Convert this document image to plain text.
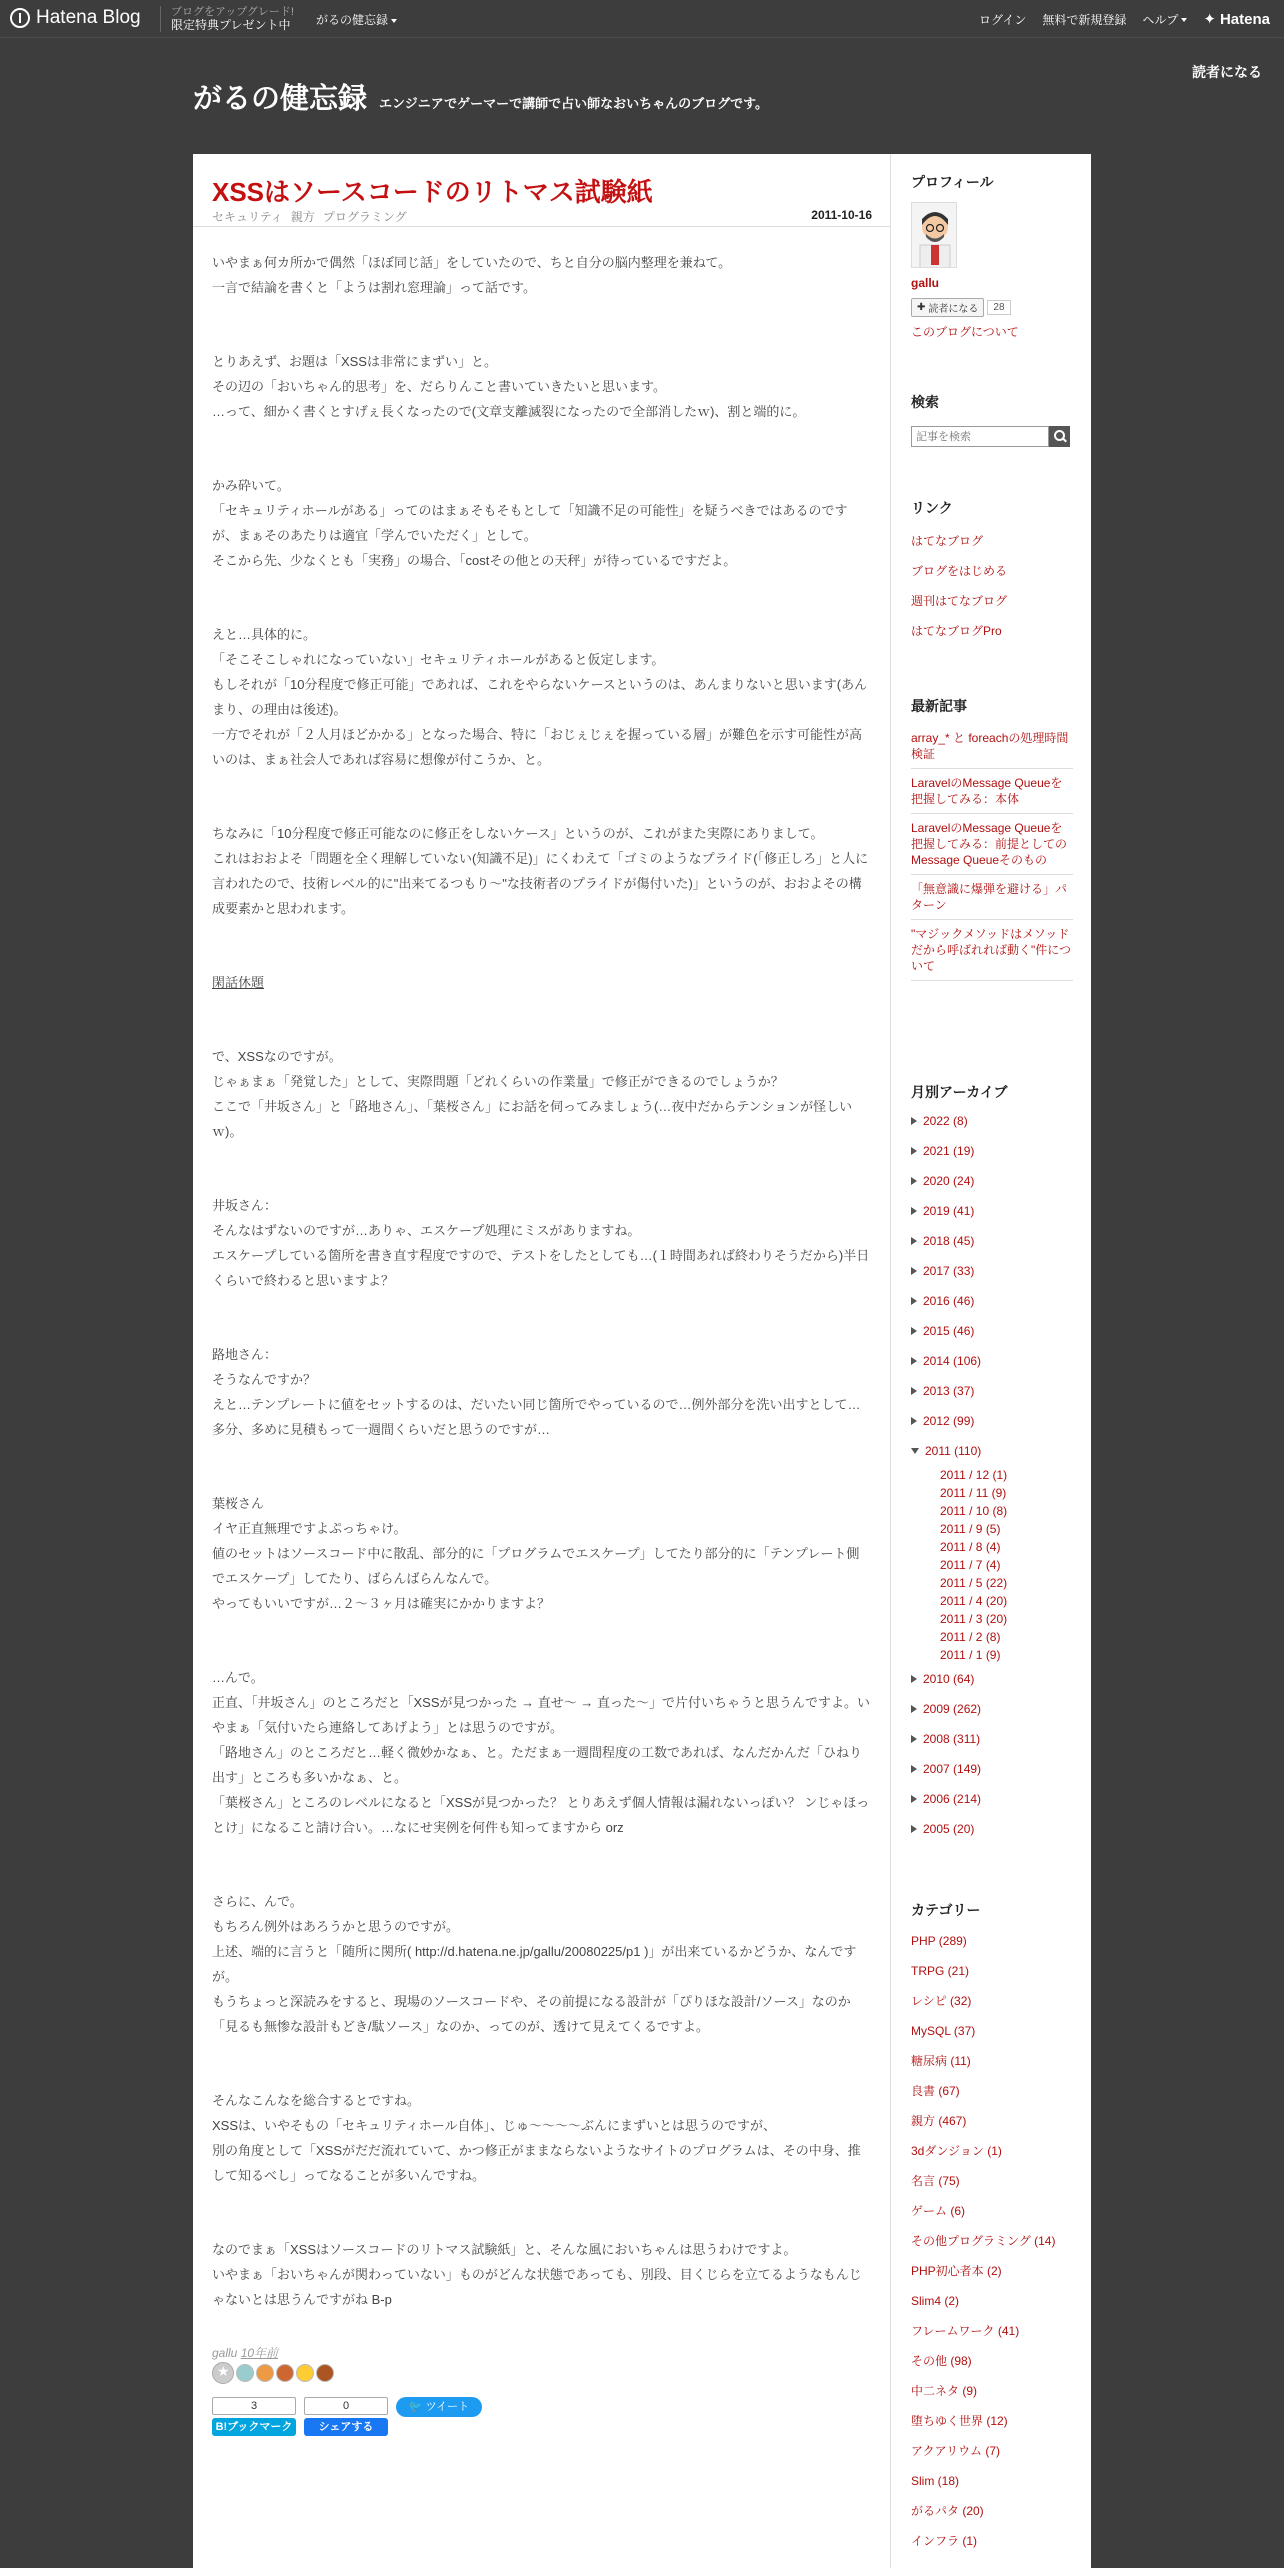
Hatena Blog	ブログをアップグレード!
限定特典プレゼント中 がるの健忘録	ログイン 無料で新規登録 ヘルプ	✦ Hatena
読者になる
がるの健忘録 エンジニアでゲーマーで講師で占い師なおいちゃんのブログです。
XSSはソースコードのリトマス試験紙
セキュリティ 親方 プログラミング	2011-10-16

いやまぁ何カ所かで偶然「ほぼ同じ話」をしていたので、ちと自分の脳内整理を兼ねて。
一言で結論を書くと「ようは割れ窓理論」って話です。

とりあえず、お題は「XSSは非常にまずい」と。
その辺の「おいちゃん的思考」を、だらりんこと書いていきたいと思います。
…って、細かく書くとすげぇ長くなったので(文章支離滅裂になったので全部消したｗ)、割と端的に。

かみ砕いて。
「セキュリティホールがある」ってのはまぁそもそもとして「知識不足の可能性」を疑うべきではあるのですが、まぁそのあたりは適宜「学んでいただく」として。
そこから先、少なくとも「実務」の場合、「costその他との天秤」が待っているですだよ。

えと…具体的に。
「そこそこしゃれになっていない」セキュリティホールがあると仮定します。
もしそれが「10分程度で修正可能」であれば、これをやらないケースというのは、あんまりないと思います(あんまり、の理由は後述)。
一方でそれが「２人月ほどかかる」となった場合、特に「おじぇじぇを握っている層」が難色を示す可能性が高いのは、まぁ社会人であれば容易に想像が付こうか、と。

ちなみに「10分程度で修正可能なのに修正をしないケース」というのが、これがまた実際にありまして。
これはおおよそ「問題を全く理解していない(知識不足)」にくわえて「ゴミのようなプライド(「修正しろ」と人に言われたので、技術レベル的に"出来てるつもり〜"な技術者のプライドが傷付いた)」というのが、おおよその構成要素かと思われます。

閑話休題

で、XSSなのですが。
じゃぁまぁ「発覚した」として、実際問題「どれくらいの作業量」で修正ができるのでしょうか？
ここで「井坂さん」と「路地さん」、「葉桜さん」にお話を伺ってみましょう(…夜中だからテンションが怪しいｗ)。

井坂さん：
そんなはずないのですが…ありゃ、エスケープ処理にミスがありますね。
エスケープしている箇所を書き直す程度ですので、テストをしたとしても…(１時間あれば終わりそうだから)半日くらいで終わると思いますよ？

路地さん：
そうなんですか？
えと…テンプレートに値をセットするのは、だいたい同じ箇所でやっているので…例外部分を洗い出すとして…多分、多めに見積もって一週間くらいだと思うのですが…

葉桜さん
イヤ正直無理ですよぷっちゃけ。
値のセットはソースコード中に散乱、部分的に「プログラムでエスケープ」してたり部分的に「テンプレート側でエスケープ」してたり、ばらんばらんなんで。
やってもいいですが…２〜３ヶ月は確実にかかりますよ？

…んで。
正直、「井坂さん」のところだと「XSSが見つかった → 直せ〜 → 直った〜」で片付いちゃうと思うんですよ。いやまぁ「気付いたら連絡してあげよう」とは思うのですが。
「路地さん」のところだと…軽く微妙かなぁ、と。ただまぁ一週間程度の工数であれば、なんだかんだ「ひねり出す」ところも多いかなぁ、と。
「葉桜さん」ところのレベルになると「XSSが見つかった？ とりあえず個人情報は漏れないっぽい？ ンじゃほっとけ」になること請け合い。…なにせ実例を何件も知ってますから orz

さらに、んで。
もちろん例外はあろうかと思うのですが。
上述、端的に言うと「随所に関所( http://d.hatena.ne.jp/gallu/20080225/p1 )」が出来ているかどうか、なんですが。
もうちょっと深読みをすると、現場のソースコードや、その前提になる設計が「ぴりほな設計/ソース」なのか「見るも無惨な設計もどき/駄ソース」なのか、ってのが、透けて見えてくるですよ。

そんなこんなを総合するとですね。
XSSは、いやそもの「セキュリティホール自体」、じゅ〜〜〜〜ぶんにまずいとは思うのですが、
別の角度として「XSSがだだ流れていて、かつ修正がままならないようなサイトのプログラムは、その中身、推して知るべし」ってなることが多いんですね。

なのでまぁ「XSSはソースコードのリトマス試験紙」と、そんな風においちゃんは思うわけですよ。
いやまぁ「おいちゃんが関わっていない」ものがどんな状態であっても、別段、目くじらを立てるようなもんじゃないとは思うんですがね B-p

gallu 10年前
★
3
B!ブックマーク
0
シェアする
🐦 ツイート
プロフィール
gallu
✚ 読者になる	28
このブログについて
検索
記事を検索
リンク
はてなブログ
ブログをはじめる
週刊はてなブログ
はてなブログPro
最新記事
array_* と foreachの処理時間検証
LaravelのMessage Queueを把握してみる：本体
LaravelのMessage Queueを把握してみる：前提としてのMessage Queueそのもの
「無意識に爆弾を避ける」パターン
"マジックメソッドはメソッドだから呼ばれれば動く"件について
月別アーカイブ
2022 (8)
2021 (19)
2020 (24)
2019 (41)
2018 (45)
2017 (33)
2016 (46)
2015 (46)
2014 (106)
2013 (37)
2012 (99)
2011 (110)
2011 / 12 (1)
2011 / 11 (9)
2011 / 10 (8)
2011 / 9 (5)
2011 / 8 (4)
2011 / 7 (4)
2011 / 5 (22)
2011 / 4 (20)
2011 / 3 (20)
2011 / 2 (8)
2011 / 1 (9)
2010 (64)
2009 (262)
2008 (311)
2007 (149)
2006 (214)
2005 (20)
カテゴリー
PHP (289)
TRPG (21)
レシピ (32)
MySQL (37)
糖尿病 (11)
良書 (67)
親方 (467)
3dダンジョン (1)
名言 (75)
ゲーム (6)
その他プログラミング (14)
PHP初心者本 (2)
Slim4 (2)
フレームワーク (41)
その他 (98)
中二ネタ (9)
堕ちゆく世界 (12)
アクアリウム (7)
Slim (18)
がるパタ (20)
インフラ (1)
